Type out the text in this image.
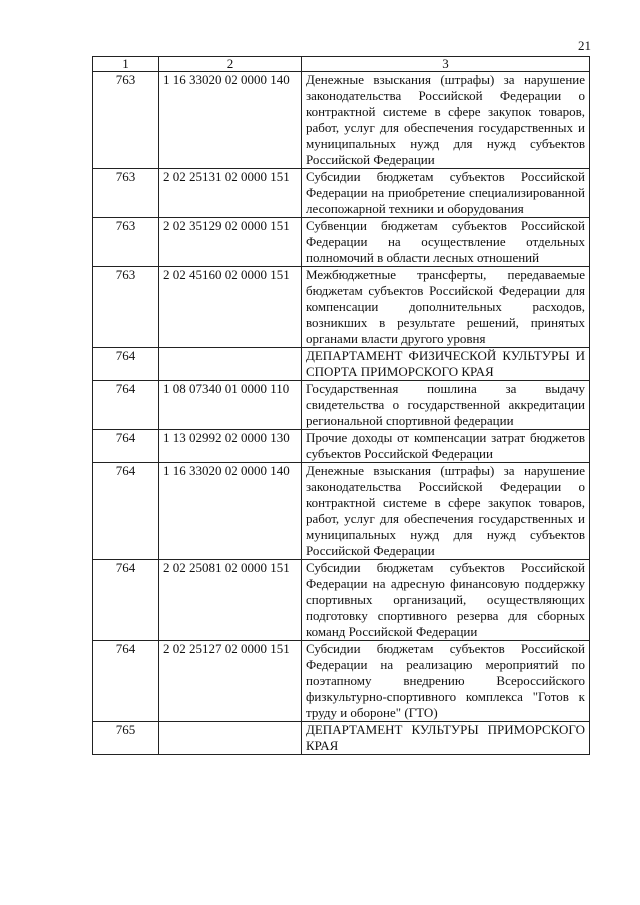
21
1	2	3
763	1 16 33020 02 0000 140	Денежные взыскания (штрафы) за нарушение законодательства Российской Федерации о контрактной системе в сфере закупок товаров, работ, услуг для обеспечения государственных и муниципальных нужд для нужд субъектов Российской Федерации
763	2 02 25131 02 0000 151	Субсидии бюджетам субъектов Российской Федерации на приобретение специализированной лесопожарной техники и оборудования
763	2 02 35129 02 0000 151	Субвенции бюджетам субъектов Российской Федерации на осуществление отдельных полномочий в области лесных отношений
763	2 02 45160 02 0000 151	Межбюджетные трансферты, передаваемые бюджетам субъектов Российской Федерации для компенсации дополнительных расходов, возникших в результате решений, принятых органами власти другого уровня
764		ДЕПАРТАМЕНТ ФИЗИЧЕСКОЙ КУЛЬТУРЫ И СПОРТА ПРИМОРСКОГО КРАЯ
764	1 08 07340 01 0000 110	Государственная пошлина за выдачу свидетельства о государственной аккредитации региональной спортивной федерации
764	1 13 02992 02 0000 130	Прочие доходы от компенсации затрат бюджетов субъектов Российской Федерации
764	1 16 33020 02 0000 140	Денежные взыскания (штрафы) за нарушение законодательства Российской Федерации о контрактной системе в сфере закупок товаров, работ, услуг для обеспечения государственных и муниципальных нужд для нужд субъектов Российской Федерации
764	2 02 25081 02 0000 151	Субсидии бюджетам субъектов Российской Федерации на адресную финансовую поддержку спортивных организаций, осуществляющих подготовку спортивного резерва для сборных команд Российской Федерации
764	2 02 25127 02 0000 151	Субсидии бюджетам субъектов Российской Федерации на реализацию мероприятий по поэтапному внедрению Всероссийского физкультурно-спортивного комплекса "Готов к труду и обороне" (ГТО)
765		ДЕПАРТАМЕНТ КУЛЬТУРЫ ПРИМОРСКОГО КРАЯ
